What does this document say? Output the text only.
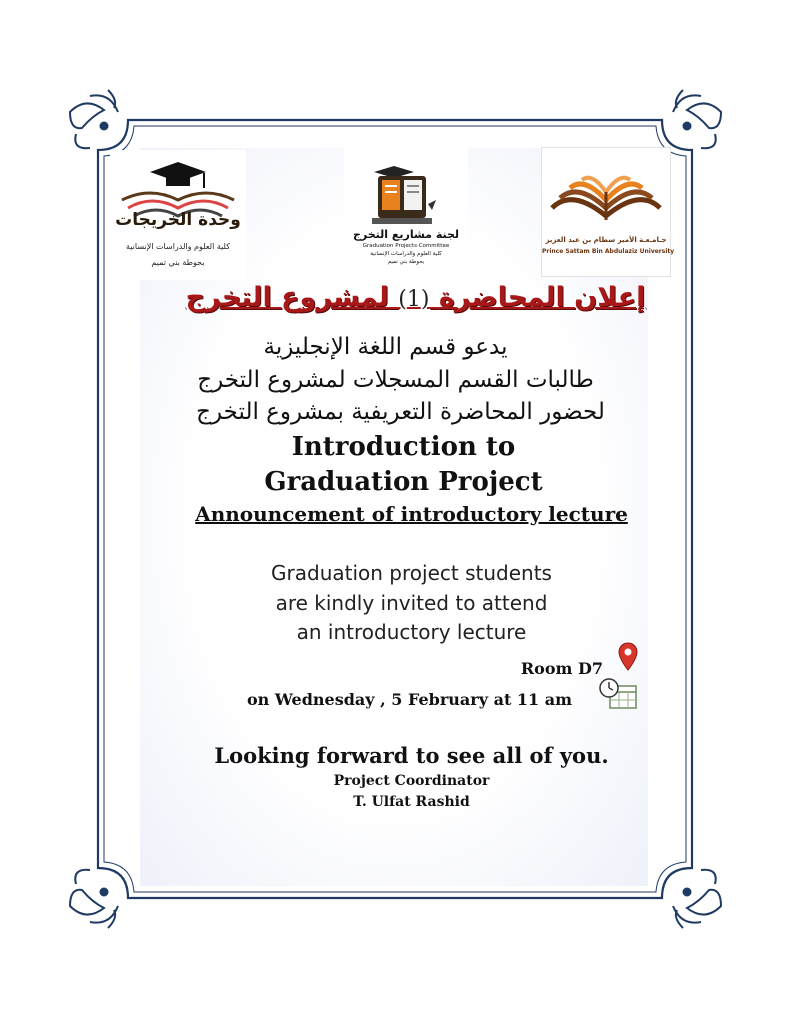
وحدة الخريجات
كلية العلوم والدراسات الإنسانية
بحوطة بني تميم
لجنة مشاريع التخرج
Graduation Projects Committee
كلية العلوم والدراسات الإنسانية
بحوطة بني تميم
جـامـعـة الأمير سطام بن عبد العزيز
Prince Sattam Bin Abdulaziz University
إعلان المحاضرة (1) لمشروع التخرج
يدعو قسم اللغة الإنجليزية
طالبات القسم المسجلات لمشروع التخرج
لحضور المحاضرة التعريفية بمشروع التخرج
Introduction to
Graduation Project
Announcement of introductory lecture
Graduation project students
are kindly invited to attend
an introductory lecture
Room D7
on Wednesday , 5 February at 11 am
Looking forward to see all of you.
Project Coordinator
T. Ulfat Rashid
